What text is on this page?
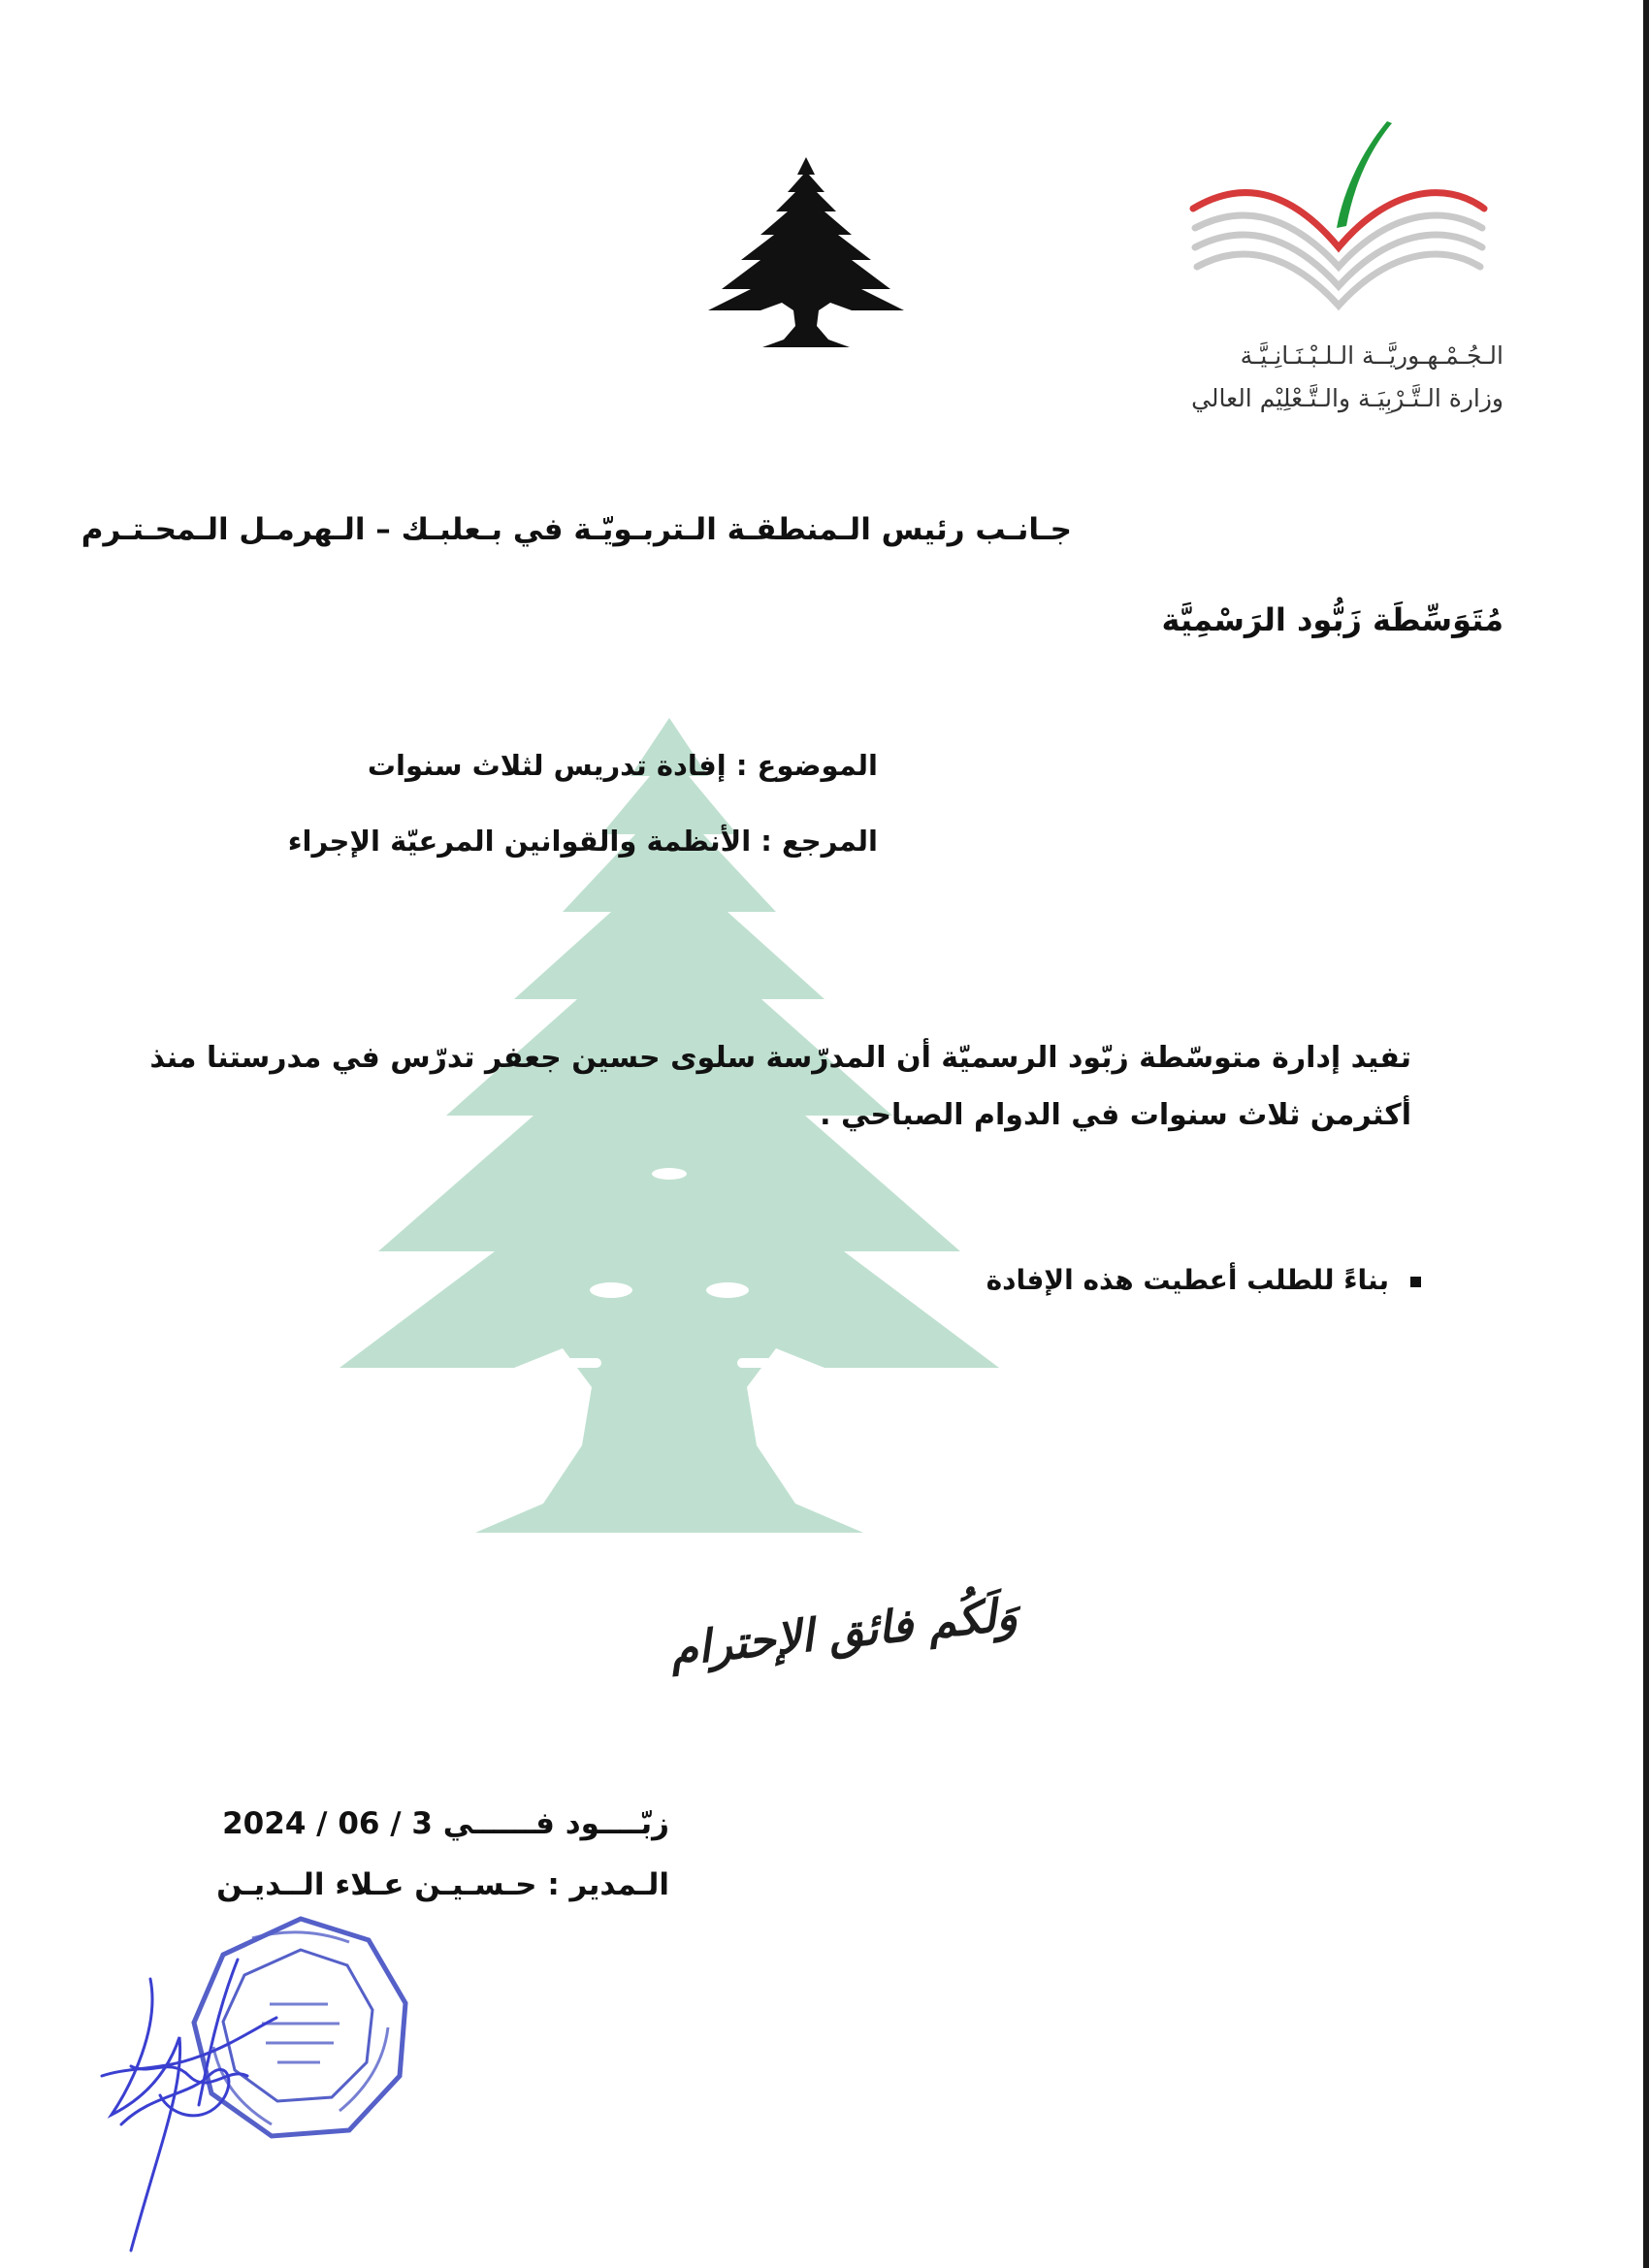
الـجُـمْـهـوريَّــة الـلـبْـنَـانِـيَّـة
وزارة الـتَّـرْبِيَـة والـتَّـعْلِيْم العالي
جـانـب رئيس الـمنطقـة الـتربـويّـة في بـعلبـك – الـهرمـل الـمحـتـرم
مُتَوَسِّطَة زَبُّود الرَسْمِيَّة
الموضوع : إفادة تدريس لثلاث سنوات
المرجع : الأنظمة والقوانين المرعيّة الإجراء
تفيد إدارة متوسّطة زبّود الرسميّة أن المدرّسة سلوى حسين جعفر تدرّس في مدرستنا منذ
أكثرمن ثلاث سنوات في الدوام الصباحي .
بناءً للطلب أعطيت هذه الإفادة
وَلَكُم فائق الإحترام
زبّــــود فــــــي 3 / 06 / 2024
الـمدير : حـسـيـن عـلاء الــديـن
